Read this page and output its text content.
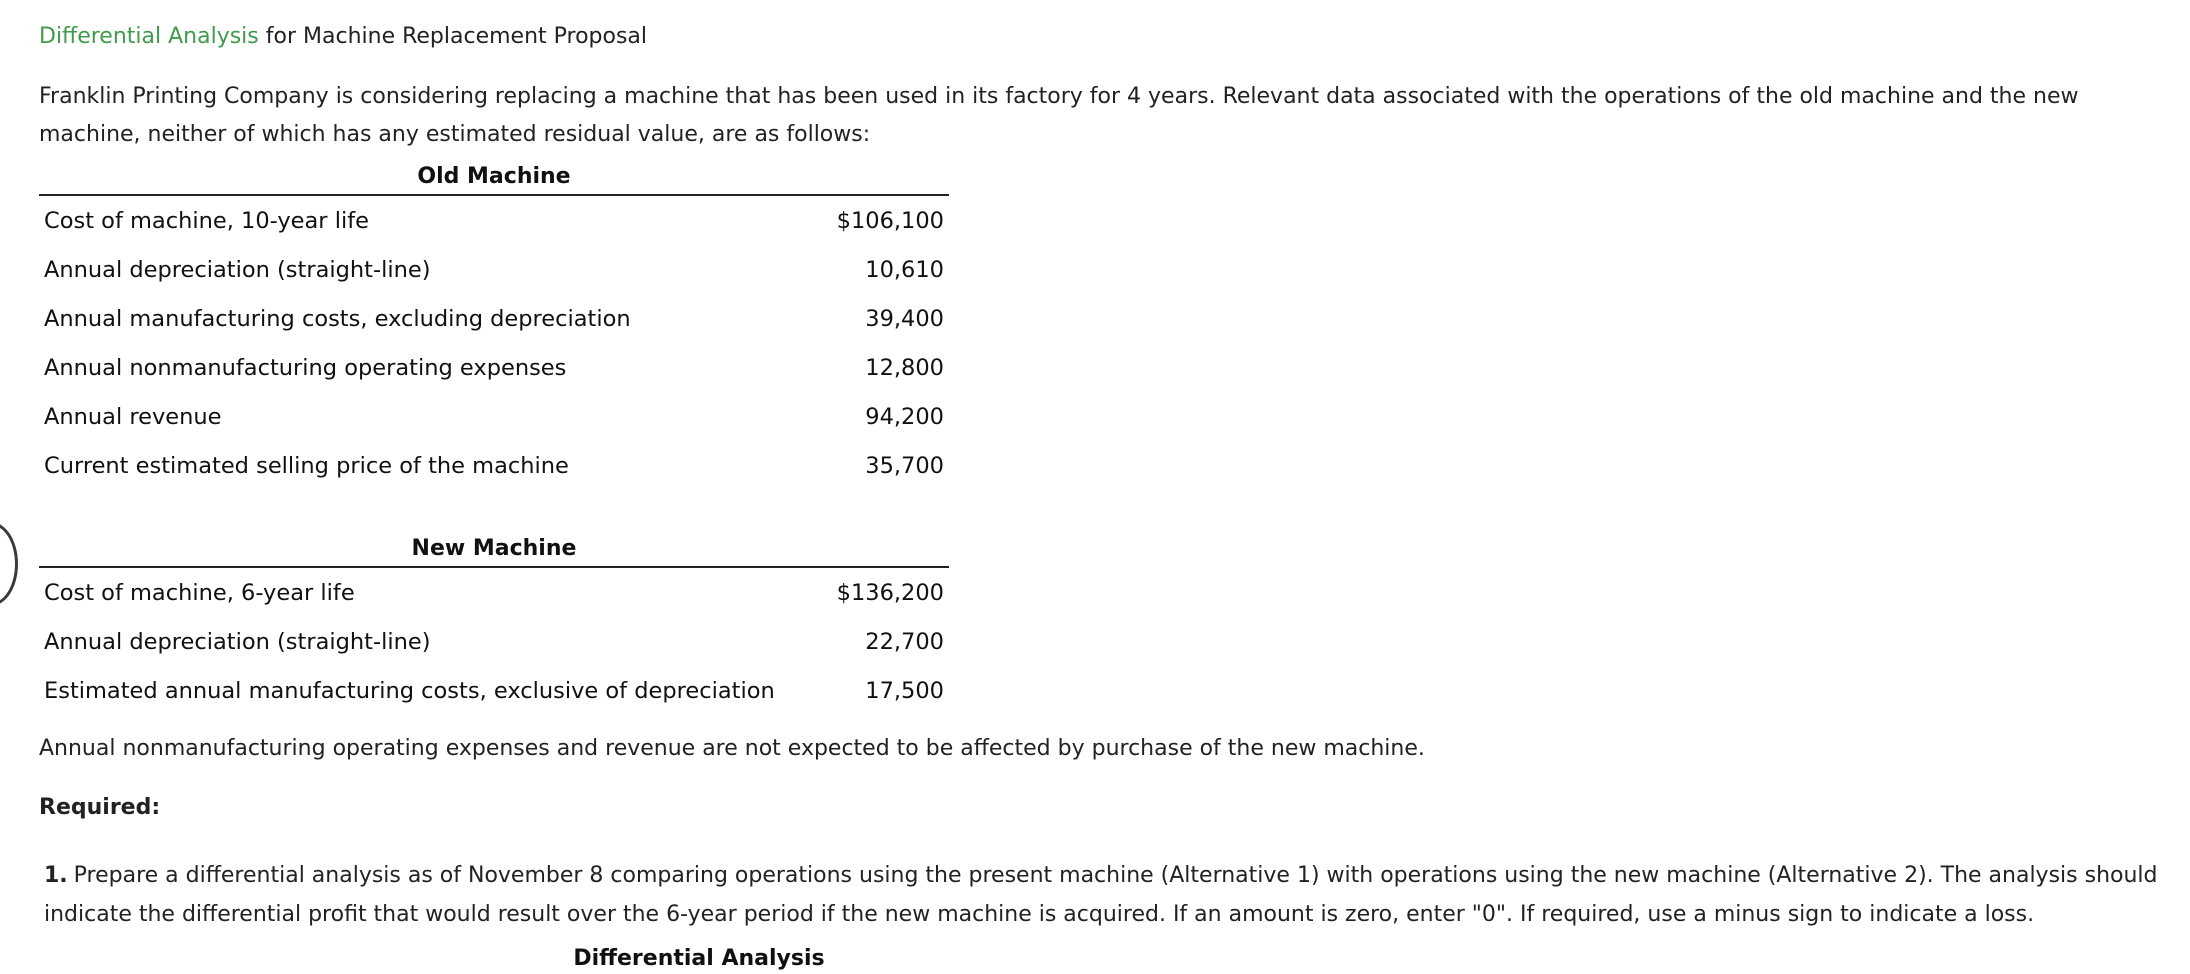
Differential Analysis for Machine Replacement Proposal
Franklin Printing Company is considering replacing a machine that has been used in its factory for 4 years. Relevant data associated with the operations of the old machine and the new machine, neither of which has any estimated residual value, are as follows:
Old Machine

Cost of machine, 10-year life	$106,100
Annual depreciation (straight-line)	10,610
Annual manufacturing costs, excluding depreciation	39,400
Annual nonmanufacturing operating expenses	12,800
Annual revenue	94,200
Current estimated selling price of the machine	35,700
New Machine

Cost of machine, 6-year life	$136,200
Annual depreciation (straight-line)	22,700
Estimated annual manufacturing costs, exclusive of depreciation	17,500
Annual nonmanufacturing operating expenses and revenue are not expected to be affected by purchase of the new machine.
Required:
1. Prepare a differential analysis as of November 8 comparing operations using the present machine (Alternative 1) with operations using the new machine (Alternative 2). The analysis should indicate the differential profit that would result over the 6-year period if the new machine is acquired. If an amount is zero, enter "0". If required, use a minus sign to indicate a loss.
Differential Analysis
